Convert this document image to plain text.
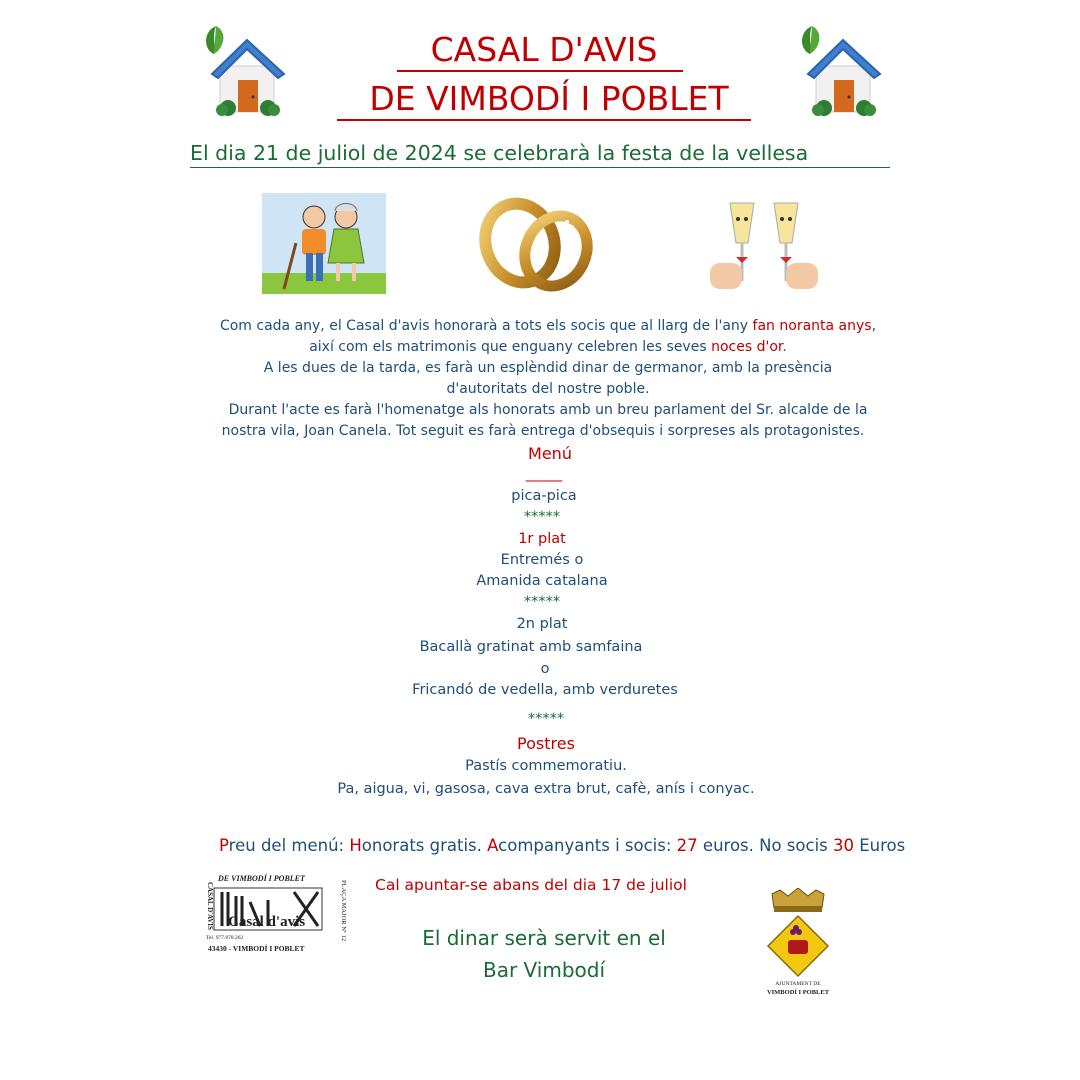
CASAL D'AVIS
DE VIMBODÍ I POBLET
El dia 21 de juliol de 2024 se celebrarà la festa de la vellesa
Com cada any, el Casal d'avis honorarà a tots els socis que al llarg de l'any fan noranta anys,
així com els matrimonis que enguany celebren les seves noces d'or.
A les dues de la tarda, es farà un esplèndid dinar de germanor, amb la presència
d'autoritats del nostre poble.
Durant l'acte es farà l'homenatge als honorats amb un breu parlament del Sr. alcalde de la
nostra vila, Joan Canela. Tot seguit es farà entrega d'obsequis i sorpreses als protagonistes.
Menú
_____
pica-pica
*****
1r plat
Entremés o
Amanida catalana
*****
2n plat
Bacallà gratinat amb samfaina
o
Fricandó de vedella, amb verduretes
*****
Postres
Pastís commemoratiu.
Pa, aigua, vi, gasosa, cava extra brut, cafè, anís i conyac.
Preu del menú: Honorats gratis. Acompanyants i socis: 27 euros. No socis 30 Euros
DE VIMBODÍ I POBLET
CASAL D'AVIS	PLAÇA MAJOR Nº 12
Casal d'avis
Tel. 977.878.262
43430 - VIMBODÍ I POBLET
Cal apuntar-se abans del dia 17 de juliol
El dinar serà servit en el
Bar Vimbodí
AJUNTAMENT DE
VIMBODÍ I POBLET
